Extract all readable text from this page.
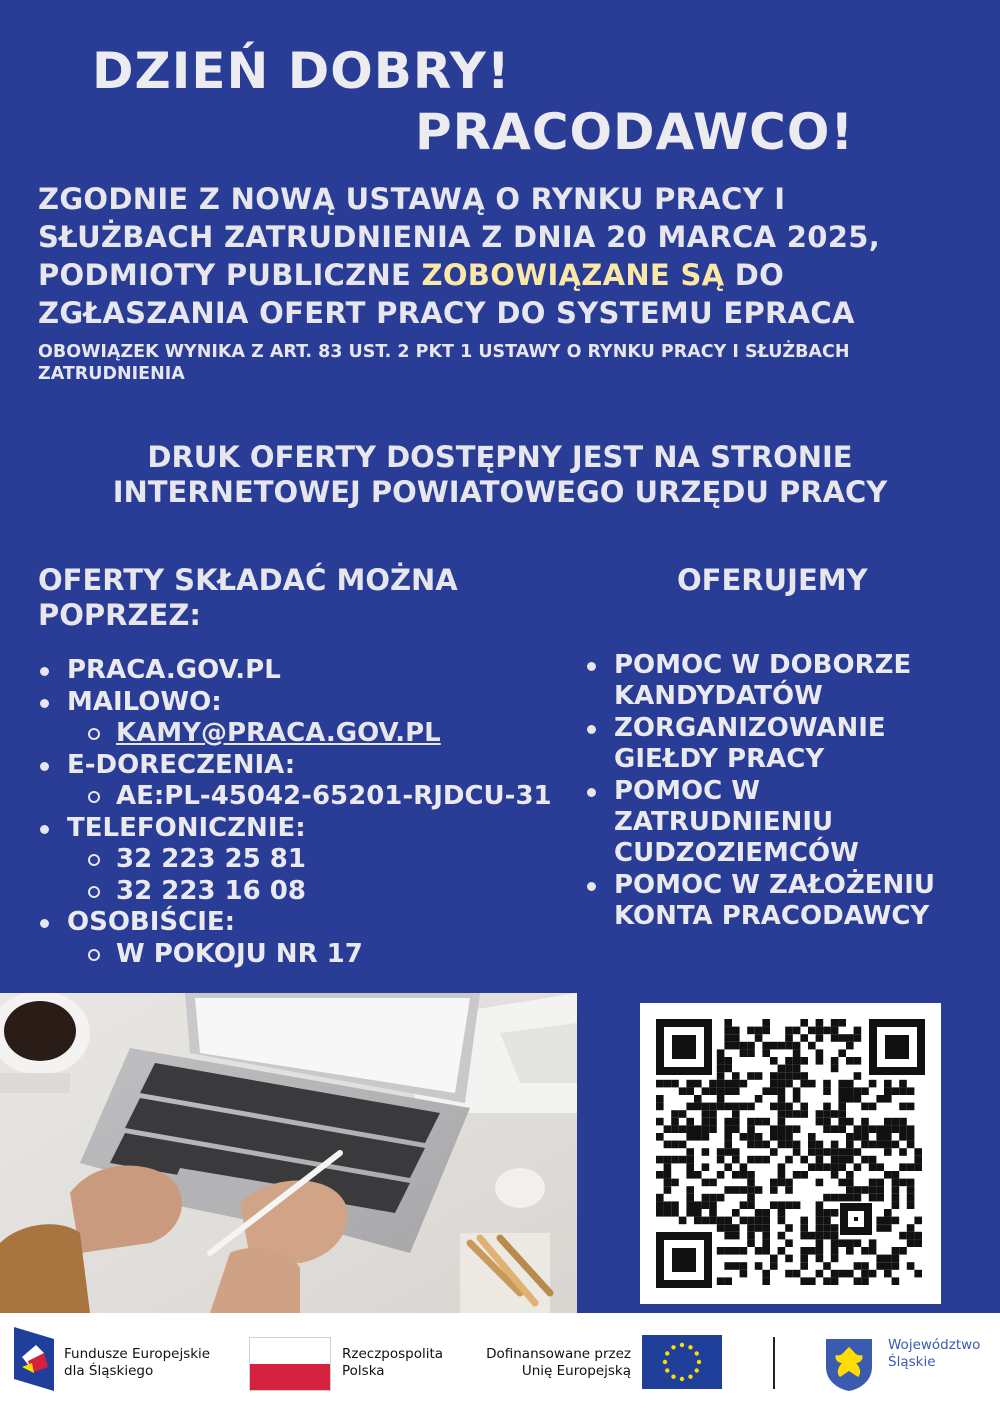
DZIEŃ DOBRY!
PRACODAWCO!
ZGODNIE Z NOWĄ USTAWĄ O RYNKU PRACY I SŁUŻBACH ZATRUDNIENIA Z DNIA 20 MARCA 2025, PODMIOTY PUBLICZNE ZOBOWIĄZANE SĄ DO ZGŁASZANIA OFERT PRACY DO SYSTEMU EPRACA
OBOWIĄZEK WYNIKA Z ART. 83 UST. 2 PKT 1 USTAWY O RYNKU PRACY I SŁUŻBACH ZATRUDNIENIA
DRUK OFERTY DOSTĘPNY JEST NA STRONIE
INTERNETOWEJ POWIATOWEGO URZĘDU PRACY
OFERTY SKŁADAĆ MOŻNA
POPRZEZ:
OFERUJEMY
PRACA.GOV.PL
MAILOWO:
KAMY@PRACA.GOV.PL
E-DORECZENIA:
AE:PL-45042-65201-RJDCU-31
TELEFONICZNIE:
32 223 25 81
32 223 16 08
OSOBIŚCIE:
W POKOJU NR 17
POMOC W DOBORZE KANDYDATÓW
ZORGANIZOWANIE GIEŁDY PRACY
POMOC W ZATRUDNIENIU CUDZOZIEMCÓW
POMOC W ZAŁOŻENIU KONTA PRACODAWCY
Fundusze Europejskie
dla Śląskiego
Rzeczpospolita
Polska
Dofinansowane przez
Unię Europejską
Województwo
Śląskie
